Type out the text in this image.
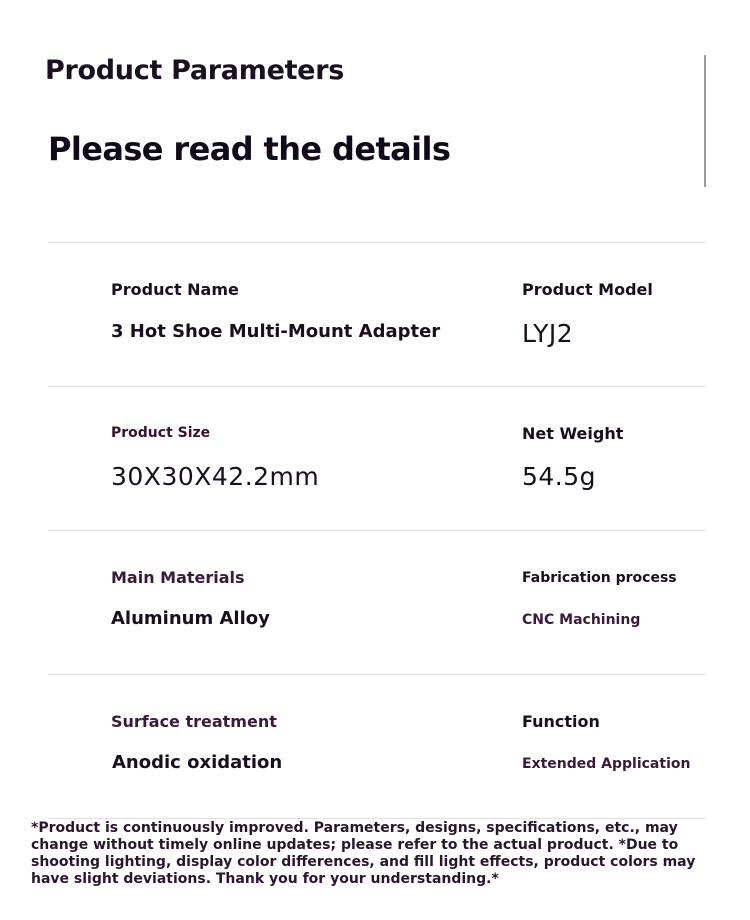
Product Parameters
Please read the details
Product Name
3 Hot Shoe Multi-Mount Adapter
Product Model
LYJ2
Product Size
30X30X42.2mm
Net Weight
54.5g
Main Materials
Aluminum Alloy
Fabrication process
CNC Machining
Surface treatment
Anodic oxidation
Function
Extended Application
*Product is continuously improved. Parameters, designs, specifications, etc., may change without timely online updates; please refer to the actual product. *Due to shooting lighting, display color differences, and fill light effects, product colors may have slight deviations. Thank you for your understanding.*
